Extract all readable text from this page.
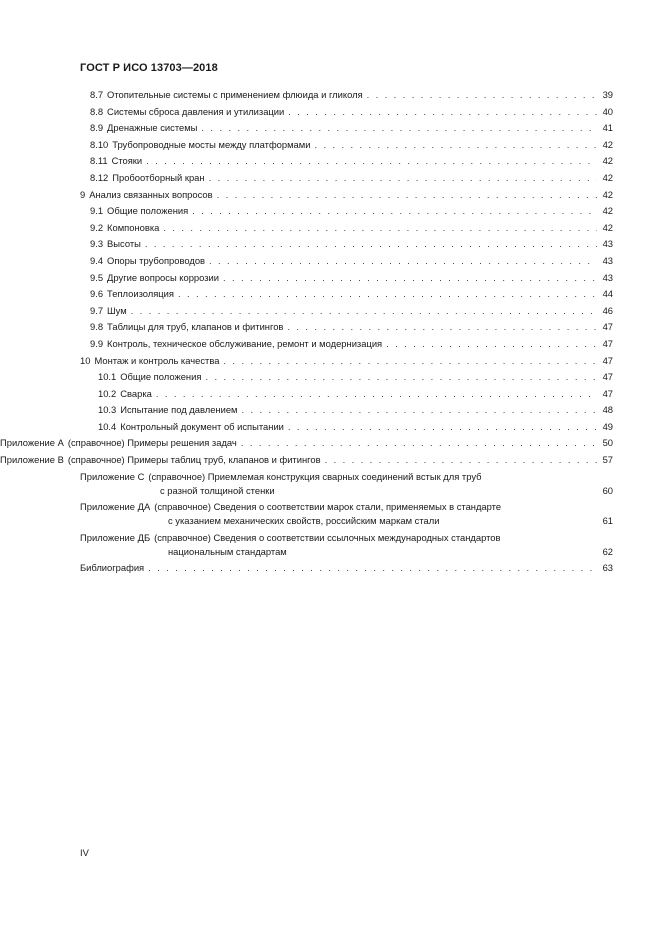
ГОСТ Р ИСО 13703—2018
8.7 Отопительные системы с применением флюида и гликоля . . .	39
8.8 Системы сброса давления и утилизации . . .	40
8.9 Дренажные системы . . .	41
8.10 Трубопроводные мосты между платформами . . .	42
8.11 Стояки . . .	42
8.12 Пробоотборный кран . . .	42
9 Анализ связанных вопросов . . .	42
9.1 Общие положения . . .	42
9.2 Компоновка . . .	42
9.3 Высоты . . .	43
9.4 Опоры трубопроводов . . .	43
9.5 Другие вопросы коррозии . . .	43
9.6 Теплоизоляция . . .	44
9.7 Шум . . .	46
9.8 Таблицы для труб, клапанов и фитингов . . .	47
9.9 Контроль, техническое обслуживание, ремонт и модернизация . . .	47
10 Монтаж и контроль качества . . .	47
10.1 Общие положения . . .	47
10.2 Сварка . . .	47
10.3 Испытание под давлением . . .	48
10.4 Контрольный документ об испытании . . .	49
Приложение А (справочное) Примеры решения задач . . .	50
Приложение В (справочное) Примеры таблиц труб, клапанов и фитингов . . .	57
Приложение С (справочное) Приемлемая конструкция сварных соединений встык для труб
с разной толщиной стенки	60
Приложение ДА (справочное) Сведения о соответствии марок стали, применяемых в стандарте
с указанием механических свойств, российским маркам стали	61
Приложение ДБ (справочное) Сведения о соответствии ссылочных международных стандартов
национальным стандартам	62
Библиография . . .	63
IV
